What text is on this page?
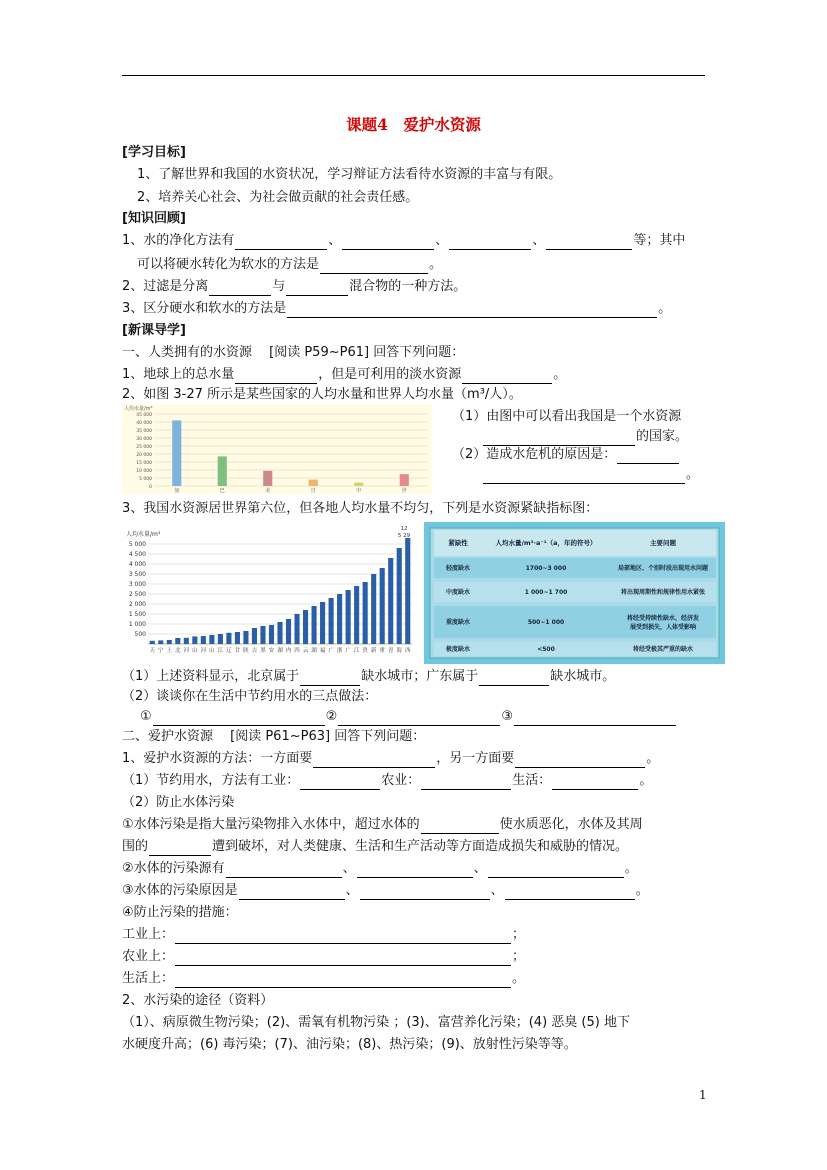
课题4　爱护水资源
[学习目标]
1、了解世界和我国的水资状况，学习辩证方法看待水资源的丰富与有限。
2、培养关心社会、为社会做贡献的社会责任感。
[知识回顾]
1、水的净化方法有	、	、	、	等；其中
可以将硬水转化为软水的方法是	。
2、过滤是分离	与	混合物的一种方法。
3、区分硬水和软水的方法是	。
[新课导学]
一、人类拥有的水资源　 [阅读 P59~P61] 回答下列问题：
1、地球上的总水量	，但是可利用的淡水资源	。
2、如图 3-27 所示是某些国家的人均水量和世界人均水量（m³/人）。
45 000
40 000
35 000
30 000
25 000
20 000
15 000
10 000
5 000
0
人均水量/m³
加	巴	美	日	中	世
（1）由图中可以看出我国是一个水资源
的国家。
（2）造成水危机的原因是：
。
3、我国水资源居世界第六位，但各地人均水量不均匀，下列是水资源紧缺指标图：
人均水量/m³
5 000
4 500
4 000
3 500
3 000
2 500
2 000
1 500
1 000
500
天 宁 上 北 河 山 河 山 江 辽 甘 陕 吉 黑 安 湖 内 四 云 湖 福 广 浙 广 江 贵 新 重 青 海 西
12
5 29
紧缺性	人均水量/m³·a⁻¹（a，年的符号）	主要问题
轻度缺水	1700~3 000	局部地区、个别时段出现用水问题
中度缺水	1 000~1 700	将出现周期性和规律性用水紧张
重度缺水	500~1 000
将经受持续性缺水，经济发
展受到损失，人体受影响
极度缺水	<500	将经受极其严重的缺水
（1）上述资料显示，北京属于	缺水城市；广东属于	缺水城市。
（2）谈谈你在生活中节约用水的三点做法：
①	②	③
二、爱护水资源　 [阅读 P61~P63] 回答下列问题：
1、爱护水资源的方法：一方面要	，另一方面要	。
（1）节约用水，方法有工业：	农业：	生活：	。
（2）防止水体污染
①水体污染是指大量污染物排入水体中，超过水体的	使水质恶化，水体及其周
围的	遭到破坏，对人类健康、生活和生产活动等方面造成损失和威胁的情况。
②水体的污染源有	、	、	。
③水体的污染原因是	、	、	。
④防止污染的措施：
工业上：	；
农业上：	；
生活上：	。
2、水污染的途径（资料）
（1）、病原微生物污染；(2)、需氧有机物污染 ；(3)、富营养化污染；(4) 恶臭 (5) 地下
水硬度升高；(6) 毒污染；(7)、油污染；(8)、热污染；(9)、放射性污染等等。
1
